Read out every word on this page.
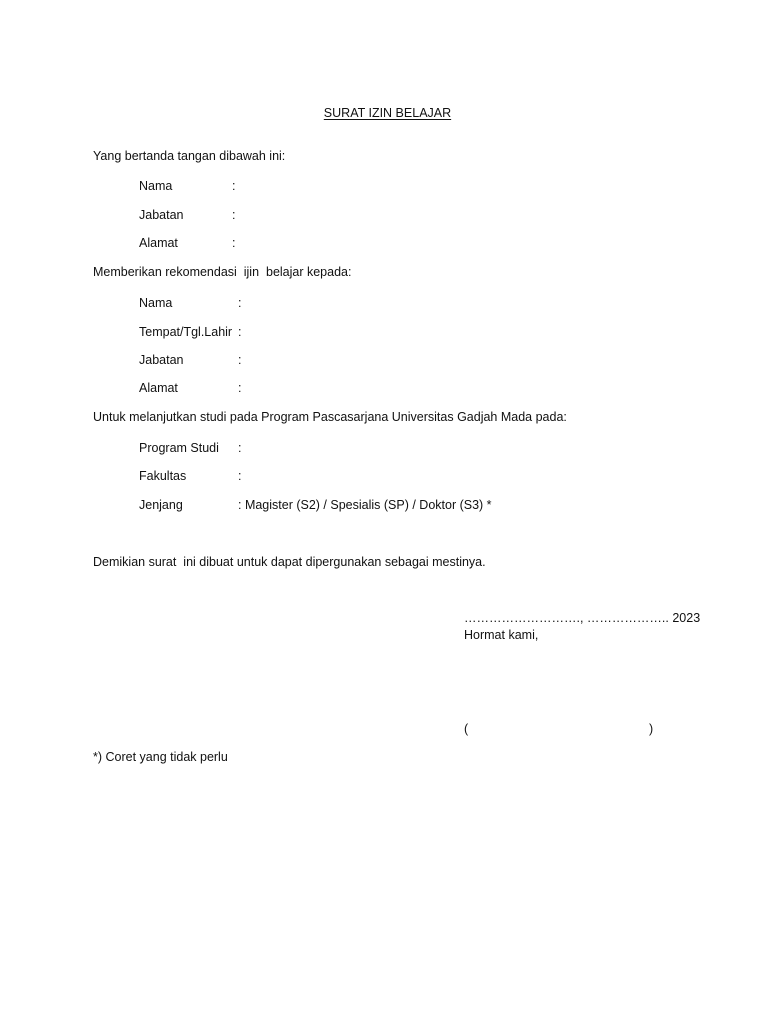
SURAT IZIN BELAJAR

Yang bertanda tangan dibawah ini:
Nama	:
Jabatan	:
Alamat	:
Memberikan rekomendasi  ijin  belajar kepada:
Nama	:
Tempat/Tgl.Lahir :
Jabatan	:
Alamat	:
Untuk melanjutkan studi pada Program Pascasarjana Universitas Gadjah Mada pada:
Program Studi :
Fakultas	:
Jenjang	: Magister (S2) / Spesialis (SP) / Doktor (S3) *
Demikian surat  ini dibuat untuk dapat dipergunakan sebagai mestinya.
………………………., ……………….. 2023
Hormat kami,
(	)
*) Coret yang tidak perlu
